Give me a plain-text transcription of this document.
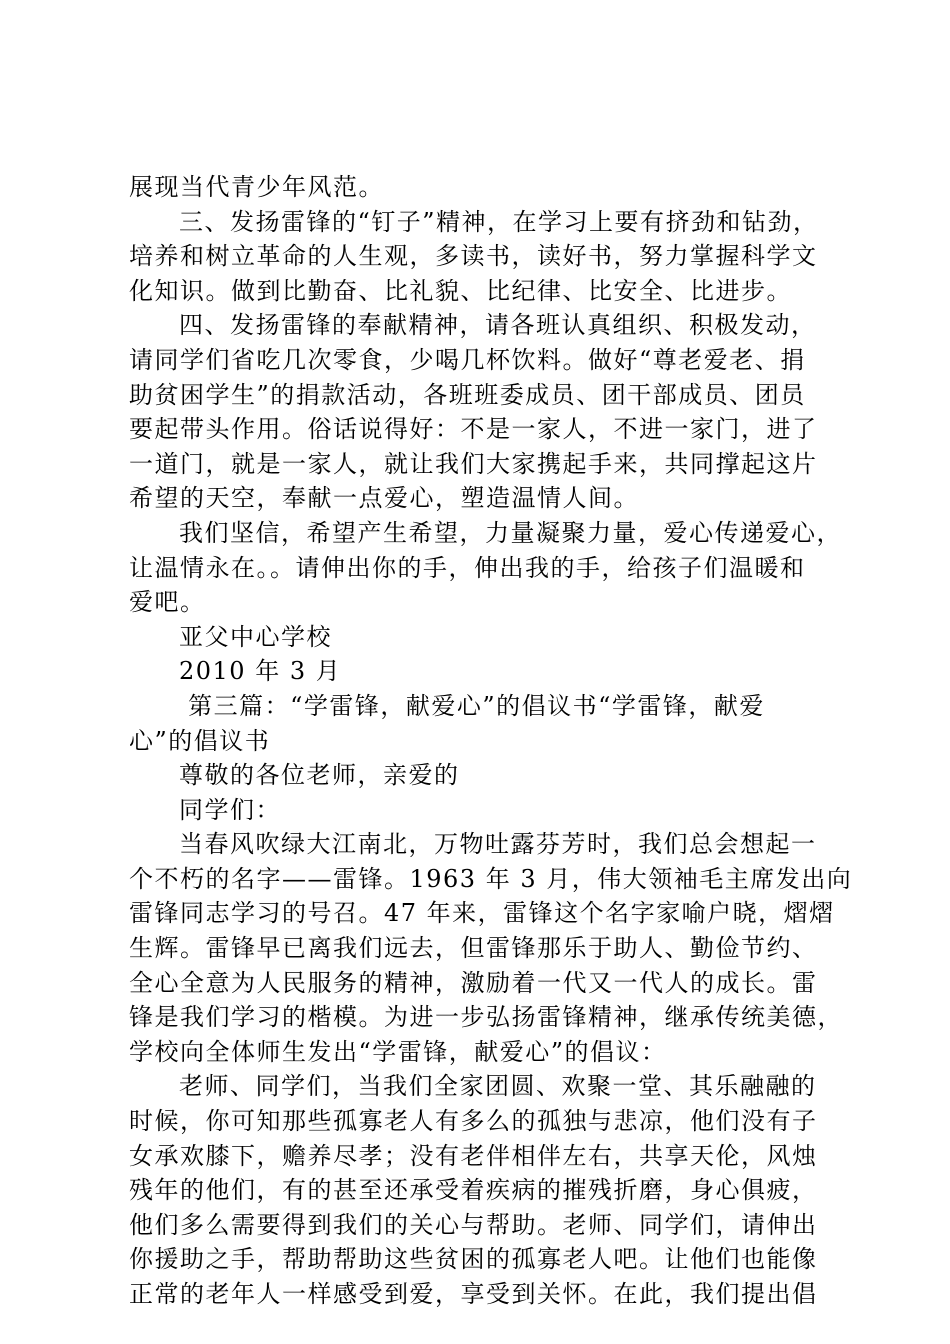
展现当代青少年风范。
三、发扬雷锋的“钉子”精神，在学习上要有挤劲和钻劲，
培养和树立革命的人生观，多读书，读好书，努力掌握科学文
化知识。做到比勤奋、比礼貌、比纪律、比安全、比进步。
四、发扬雷锋的奉献精神，请各班认真组织、积极发动，
请同学们省吃几次零食，少喝几杯饮料。做好“尊老爱老、捐
助贫困学生”的捐款活动，各班班委成员、团干部成员、团员
要起带头作用。俗话说得好：不是一家人，不进一家门，进了
一道门，就是一家人，就让我们大家携起手来，共同撑起这片
希望的天空，奉献一点爱心，塑造温情人间。
我们坚信，希望产生希望，力量凝聚力量，爱心传递爱心，
让温情永在。。请伸出你的手，伸出我的手，给孩子们温暖和
爱吧。
亚父中心学校
2010 年 3 月
第三篇：“学雷锋，献爱心”的倡议书“学雷锋，献爱
心”的倡议书
尊敬的各位老师，亲爱的
同学们：
当春风吹绿大江南北，万物吐露芬芳时，我们总会想起一
个不朽的名字——雷锋。1963 年 3 月，伟大领袖毛主席发出向
雷锋同志学习的号召。47 年来，雷锋这个名字家喻户晓，熠熠
生辉。雷锋早已离我们远去，但雷锋那乐于助人、勤俭节约、
全心全意为人民服务的精神，激励着一代又一代人的成长。雷
锋是我们学习的楷模。为进一步弘扬雷锋精神，继承传统美德，
学校向全体师生发出“学雷锋，献爱心”的倡议：
老师、同学们，当我们全家团圆、欢聚一堂、其乐融融的
时候，你可知那些孤寡老人有多么的孤独与悲凉，他们没有子
女承欢膝下，赡养尽孝；没有老伴相伴左右，共享天伦，风烛
残年的他们，有的甚至还承受着疾病的摧残折磨，身心俱疲，
他们多么需要得到我们的关心与帮助。老师、同学们，请伸出
你援助之手，帮助帮助这些贫困的孤寡老人吧。让他们也能像
正常的老年人一样感受到爱，享受到关怀。在此，我们提出倡
